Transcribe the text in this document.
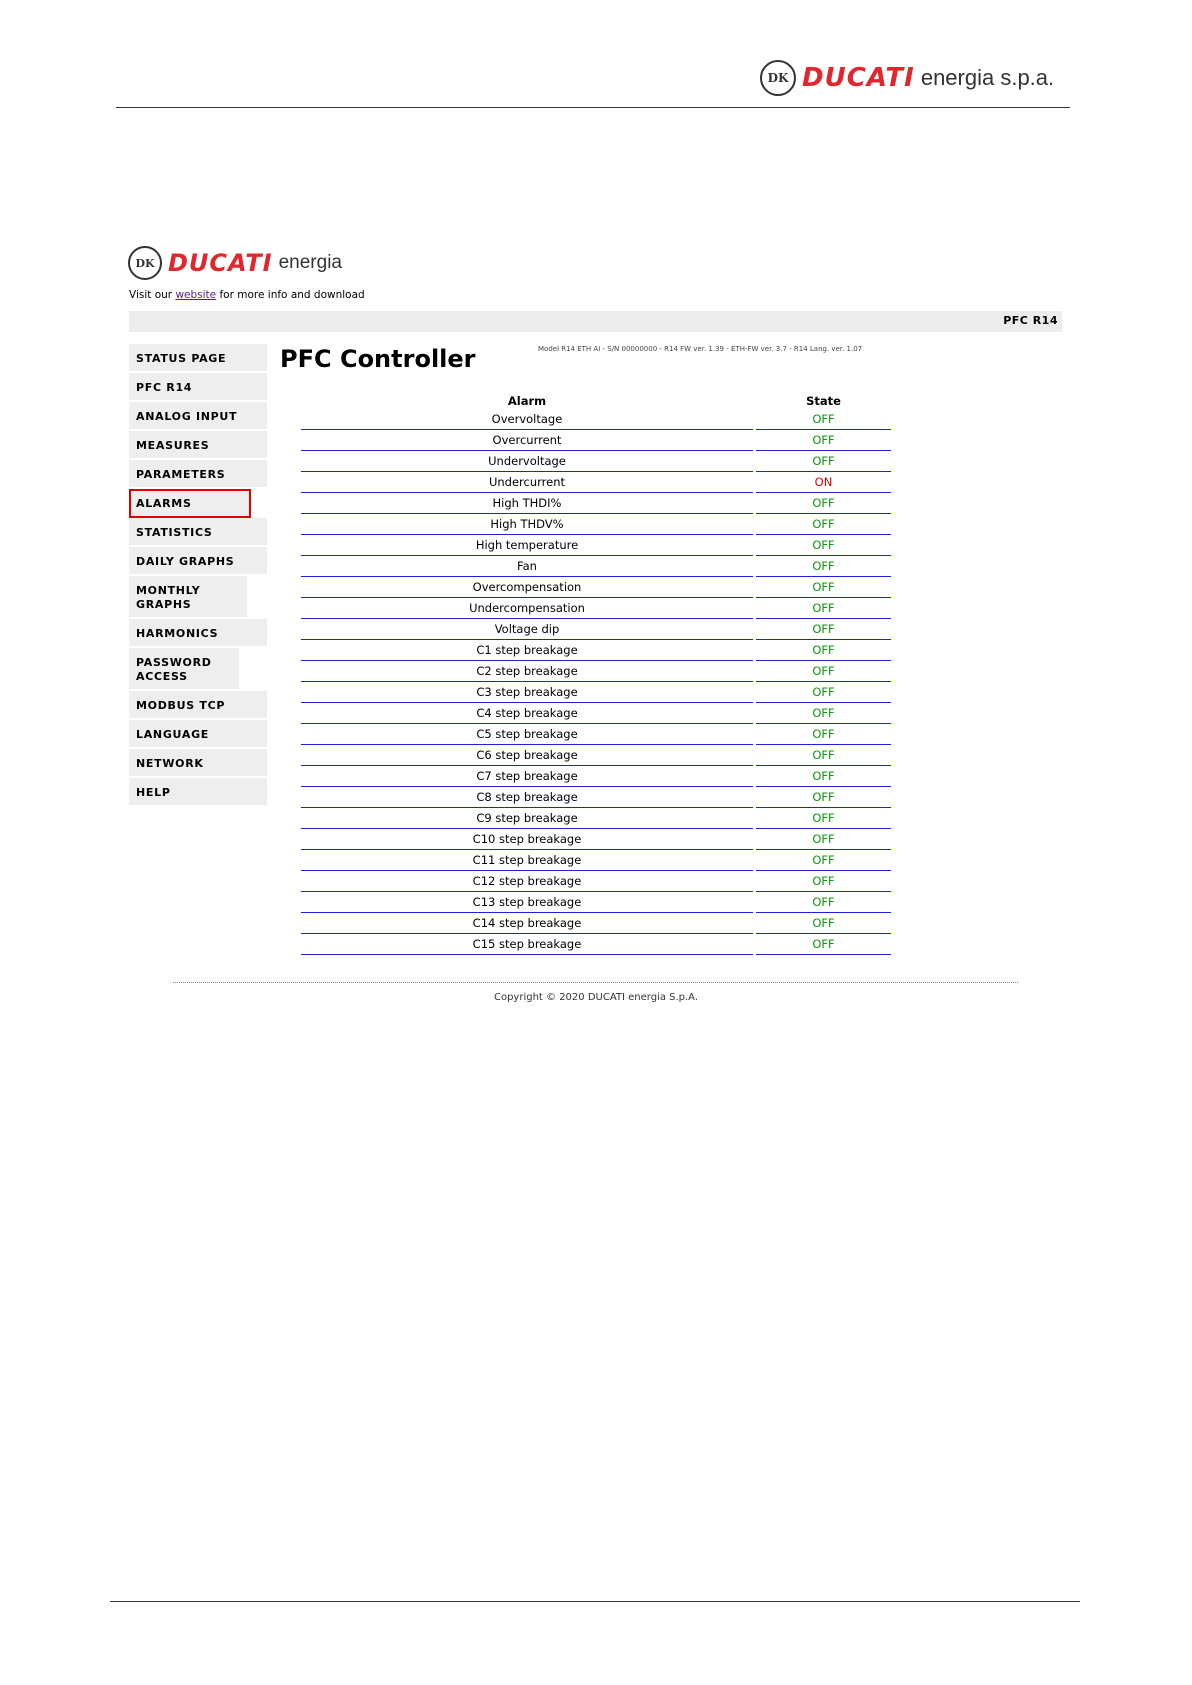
DK DUCATI energia s.p.a.
DK DUCATI energia
Visit our website for more info and download
PFC R14
STATUS PAGE
PFC R14
ANALOG INPUT
MEASURES
PARAMETERS
ALARMS
STATISTICS
DAILY GRAPHS
MONTHLY GRAPHS
HARMONICS
PASSWORD ACCESS
MODBUS TCP
LANGUAGE
NETWORK
HELP
PFC Controller	Model R14 ETH AI - S/N 00000000 - R14 FW ver. 1.39 - ETH-FW ver. 3.7 - R14 Lang. ver. 1.07
Alarm	State
Overvoltage	OFF
Overcurrent	OFF
Undervoltage	OFF
Undercurrent	ON
High THDI%	OFF
High THDV%	OFF
High temperature	OFF
Fan	OFF
Overcompensation	OFF
Undercompensation	OFF
Voltage dip	OFF
C1 step breakage	OFF
C2 step breakage	OFF
C3 step breakage	OFF
C4 step breakage	OFF
C5 step breakage	OFF
C6 step breakage	OFF
C7 step breakage	OFF
C8 step breakage	OFF
C9 step breakage	OFF
C10 step breakage	OFF
C11 step breakage	OFF
C12 step breakage	OFF
C13 step breakage	OFF
C14 step breakage	OFF
C15 step breakage	OFF
Copyright © 2020 DUCATI energia S.p.A.
